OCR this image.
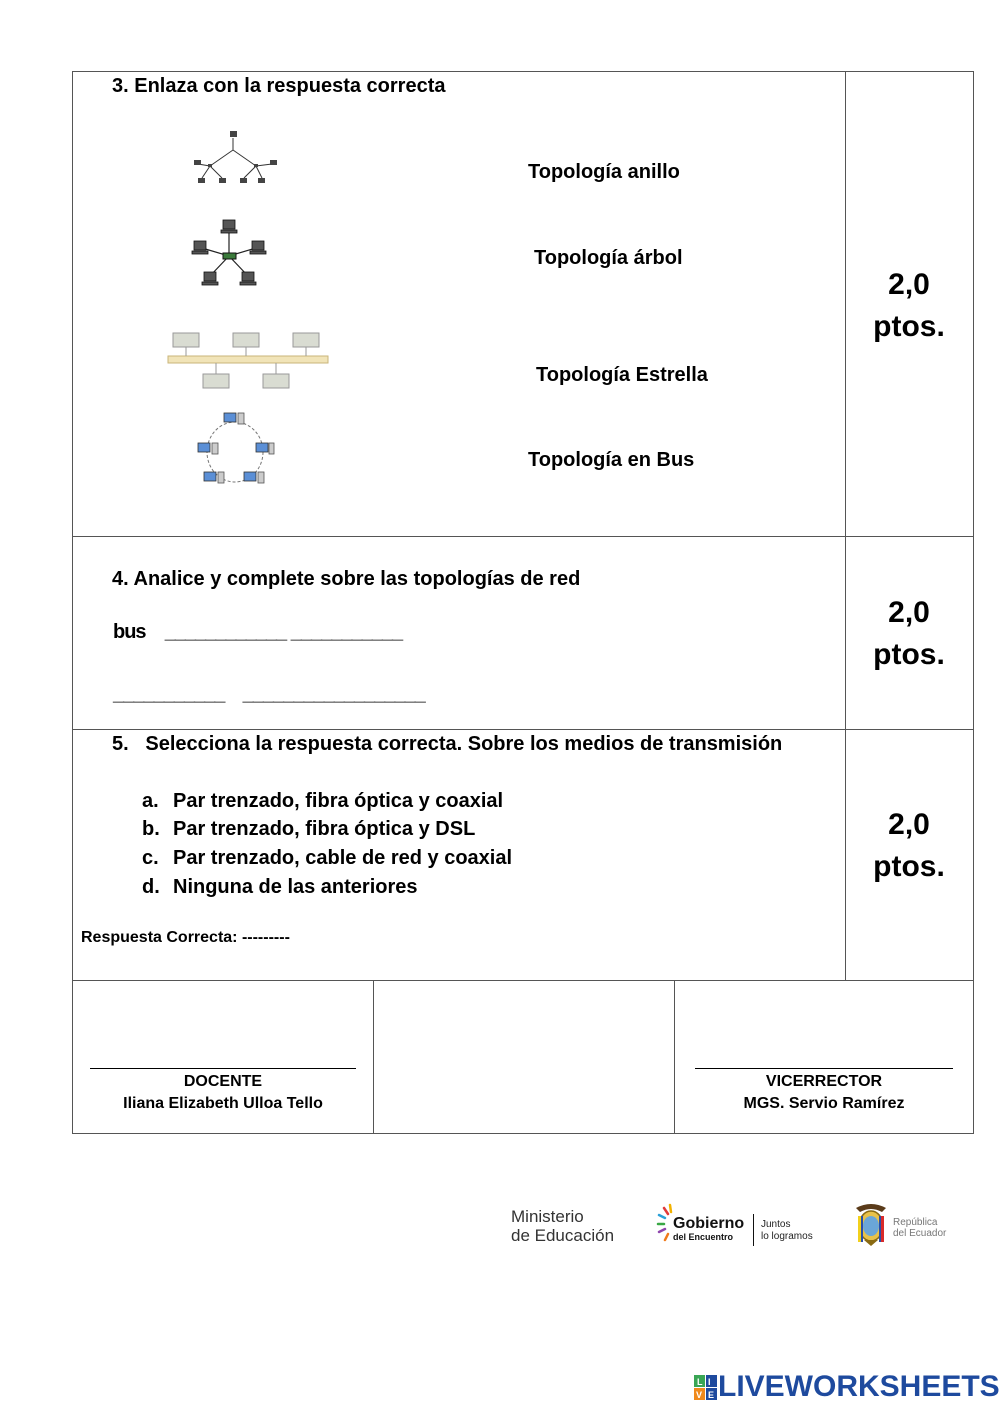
3. Enlaza con la respuesta correcta
Topología anillo
Topología árbol
Topología Estrella
Topología en Bus
2,0
ptos.
4. Analice y complete sobre las topologías de red
bus ____________ ___________
___________    __________________
2,0
ptos.
5.   Selecciona la respuesta correcta. Sobre los medios de transmisión
a. Par trenzado, fibra óptica y coaxial
b. Par trenzado, fibra óptica y DSL
c. Par trenzado, cable de red y coaxial
d. Ninguna de las anteriores
Respuesta Correcta: ---------
2,0
ptos.
DOCENTE
Iliana Elizabeth Ulloa Tello
VICERRECTOR
MGS. Servio Ramírez
Ministerio
de Educación
Gobierno
del Encuentro
Juntos
lo logramos
República
del Ecuador
L I
V E LIVEWORKSHEETS
